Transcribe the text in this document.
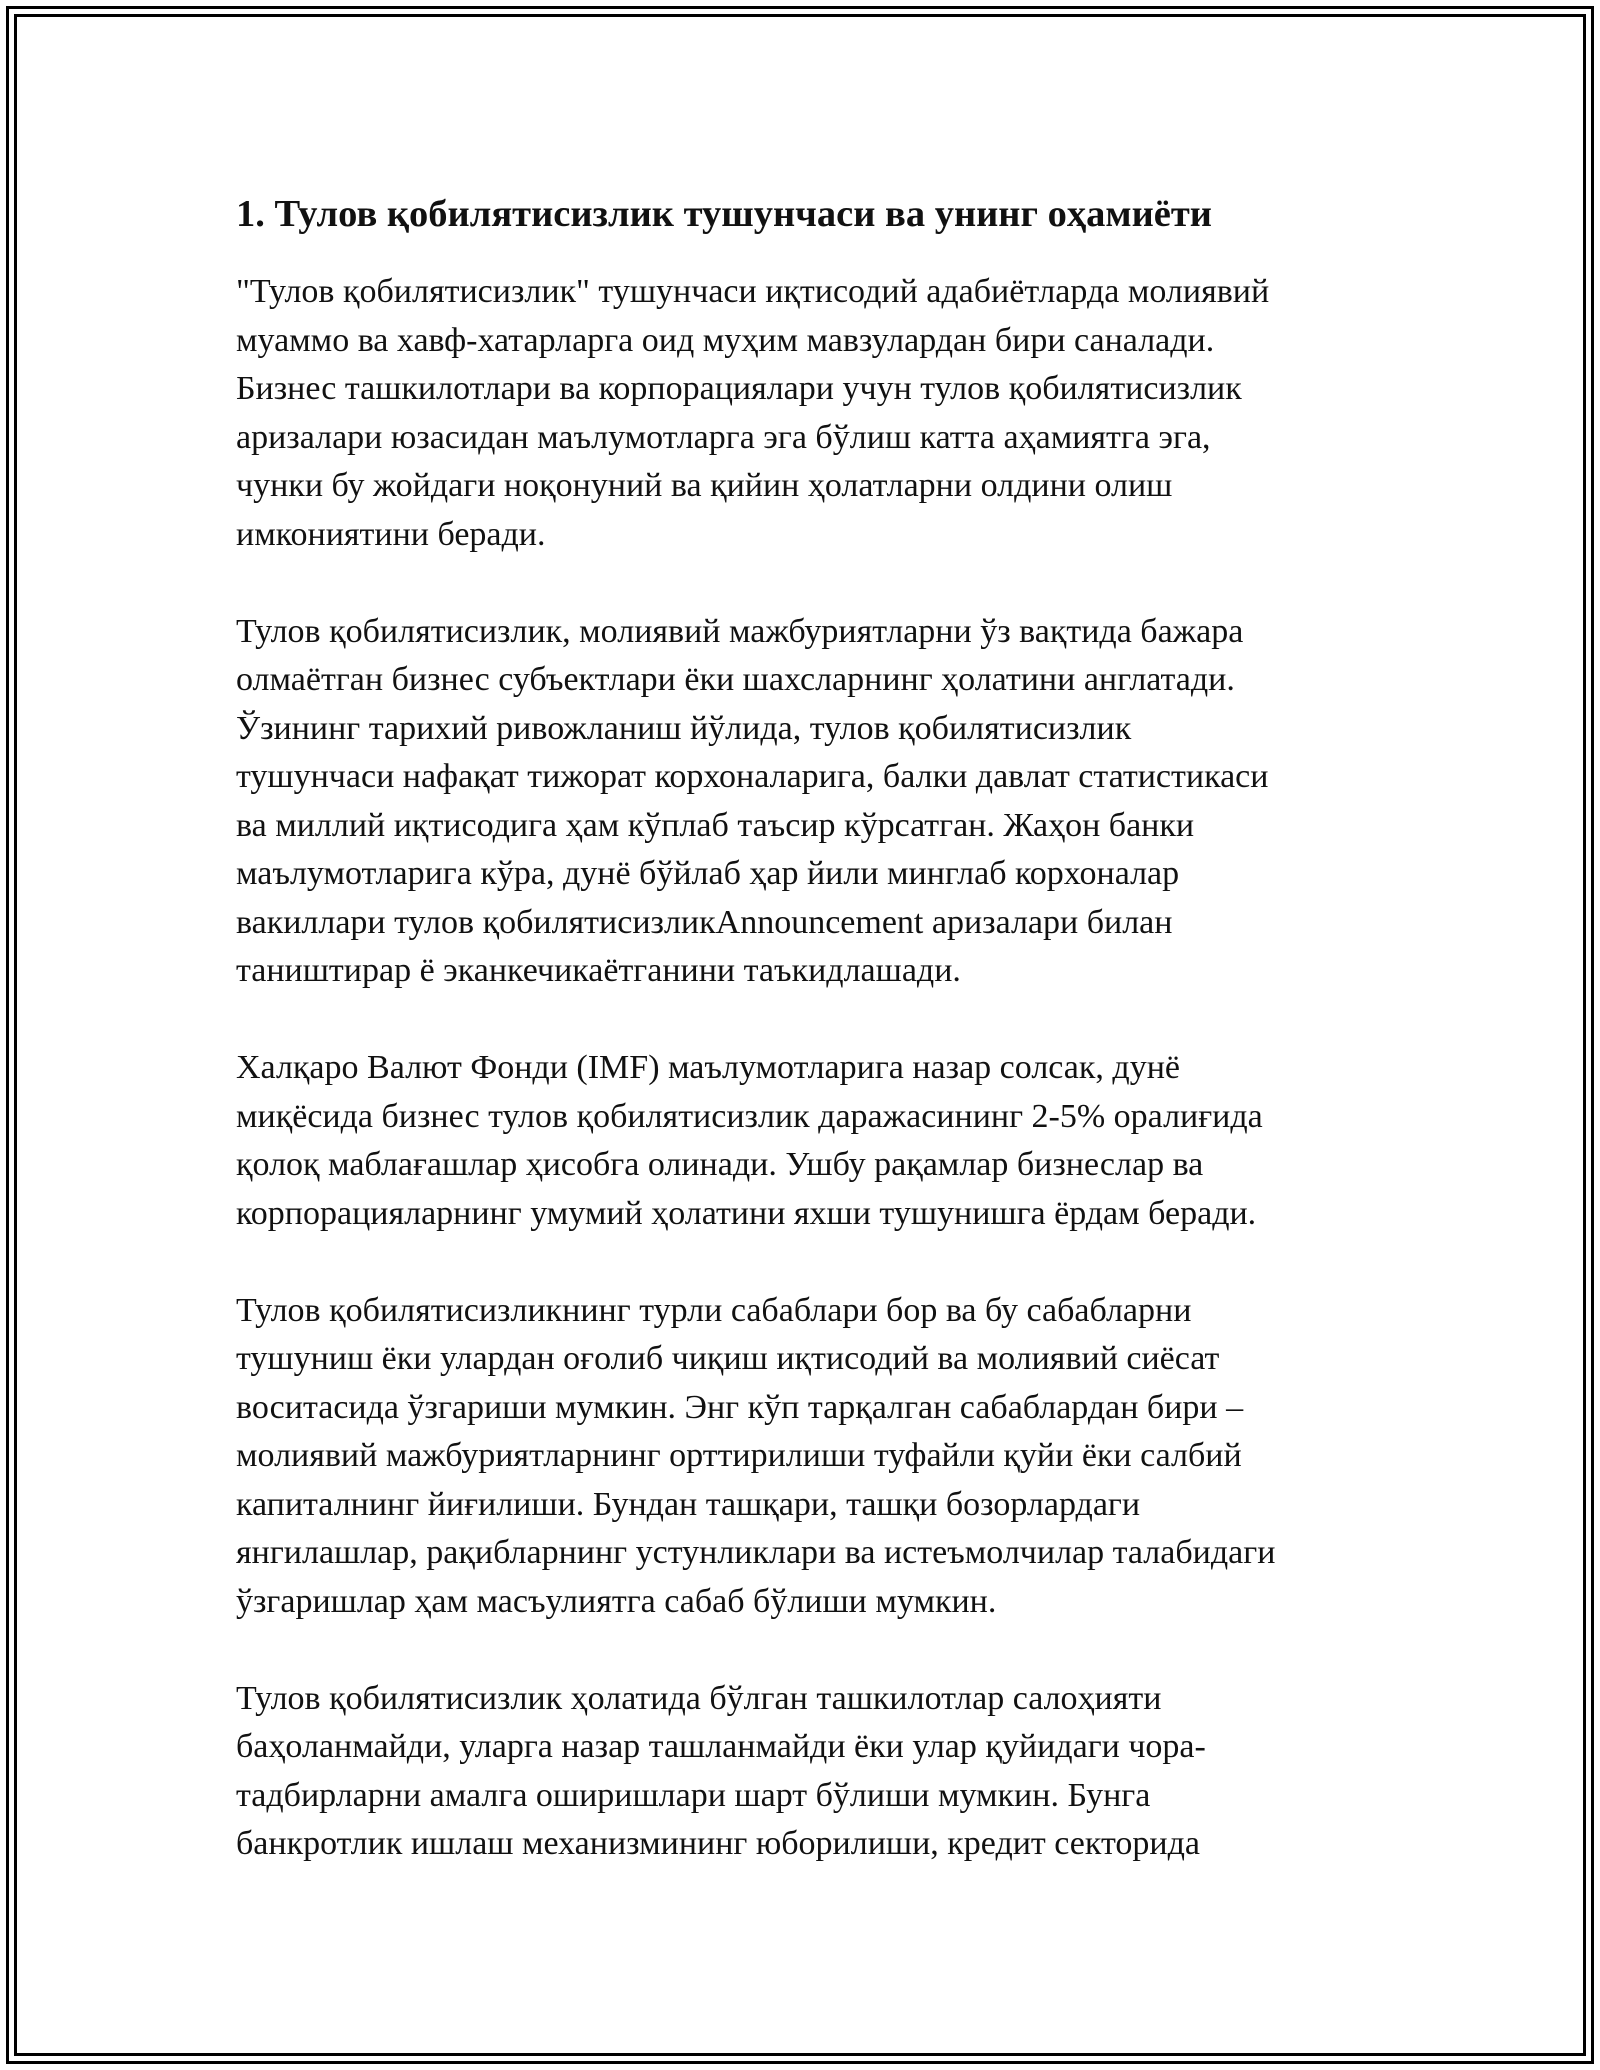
1. Тулов қобилятисизлик тушунчаси ва унинг оҳамиёти
"Тулов қобилятисизлик" тушунчаси иқтисодий адабиётларда молиявий
муаммо ва хавф-хатарларга оид муҳим мавзулардан бири саналади.
Бизнес ташкилотлари ва корпорациялари учун тулов қобилятисизлик
аризалари юзасидан маълумотларга эга бўлиш катта аҳамиятга эга,
чунки бу жойдаги ноқонуний ва қийин ҳолатларни олдини олиш
имкониятини беради.
Тулов қобилятисизлик, молиявий мажбуриятларни ўз вақтида бажара
олмаётган бизнес субъектлари ёки шахсларнинг ҳолатини англатади.
Ўзининг тарихий ривожланиш йўлида, тулов қобилятисизлик
тушунчаси нафақат тижорат корхоналарига, балки давлат статистикаси
ва миллий иқтисодига ҳам кўплаб таъсир кўрсатган. Жаҳон банки
маълумотларига кўра, дунё бўйлаб ҳар йили минглаб корхоналар
вакиллари тулов қобилятисизликAnnouncement аризалари билан
таништирар ё эканкечикаётганини таъкидлашади.
Халқаро Валют Фонди (IMF) маълумотларига назар солсак, дунё
миқёсида бизнес тулов қобилятисизлик даражасининг 2-5% оралиғида
қолоқ маблағашлар ҳисобга олинади. Ушбу рақамлар бизнеслар ва
корпорацияларнинг умумий ҳолатини яхши тушунишга ёрдам беради.
Тулов қобилятисизликнинг турли сабаблари бор ва бу сабабларни
тушуниш ёки улардан оғолиб чиқиш иқтисодий ва молиявий сиёсат
воситасида ўзгариши мумкин. Энг кўп тарқалган сабаблардан бири –
молиявий мажбуриятларнинг орттирилиши туфайли қуйи ёки салбий
капиталнинг йиғилиши. Бундан ташқари, ташқи бозорлардаги
янгилашлар, рақибларнинг устунликлари ва истеъмолчилар талабидаги
ўзгаришлар ҳам масъулиятга сабаб бўлиши мумкин.
Тулов қобилятисизлик ҳолатида бўлган ташкилотлар салоҳияти
баҳоланмайди, уларга назар ташланмайди ёки улар қуйидаги чора-
тадбирларни амалга оширишлари шарт бўлиши мумкин. Бунга
банкротлик ишлаш механизмининг юборилиши, кредит секторида
